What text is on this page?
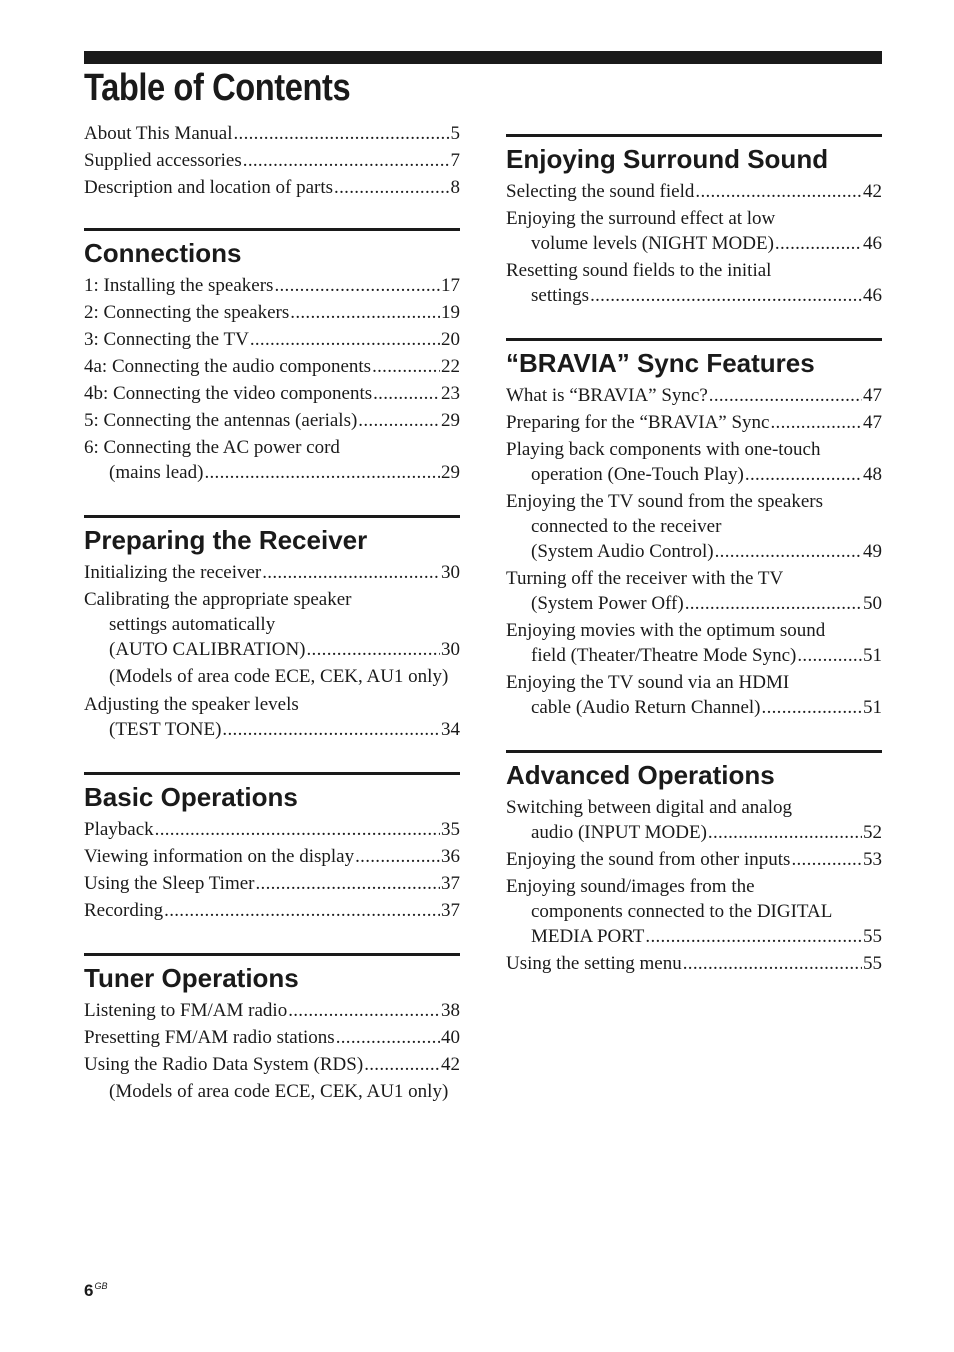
Table of Contents
About This Manual .....	5
Supplied accessories .....	7
Description and location of parts .....	8
Connections
1: Installing the speakers .....	17
2: Connecting the speakers .....	19
3: Connecting the TV .....	20
4a: Connecting the audio components .....	22
4b: Connecting the video components .....	23
5: Connecting the antennas (aerials) .....	29
6: Connecting the AC power cord
(mains lead) .....	29
Preparing the Receiver
Initializing the receiver .....	30
Calibrating the appropriate speaker
settings automatically
(AUTO CALIBRATION) .....	30
(Models of area code ECE, CEK, AU1 only)
Adjusting the speaker levels
(TEST TONE) .....	34
Basic Operations
Playback .....	35
Viewing information on the display .....	36
Using the Sleep Timer .....	37
Recording .....	37
Tuner Operations
Listening to FM/AM radio .....	38
Presetting FM/AM radio stations .....	40
Using the Radio Data System (RDS) .....	42
(Models of area code ECE, CEK, AU1 only)
Enjoying Surround Sound
Selecting the sound field .....	42
Enjoying the surround effect at low
volume levels (NIGHT MODE) .....	46
Resetting sound fields to the initial
settings .....	46
“BRAVIA” Sync Features
What is “BRAVIA” Sync? .....	47
Preparing for the “BRAVIA” Sync .....	47
Playing back components with one-touch
operation (One-Touch Play) .....	48
Enjoying the TV sound from the speakers
connected to the receiver
(System Audio Control) .....	49
Turning off the receiver with the TV
(System Power Off) .....	50
Enjoying movies with the optimum sound
field (Theater/Theatre Mode Sync) .....	51
Enjoying the TV sound via an HDMI
cable (Audio Return Channel) .....	51
Advanced Operations
Switching between digital and analog
audio (INPUT MODE) .....	52
Enjoying the sound from other inputs .....	53
Enjoying sound/images from the
components connected to the DIGITAL
MEDIA PORT .....	55
Using the setting menu .....	55
$6^{GB}$
